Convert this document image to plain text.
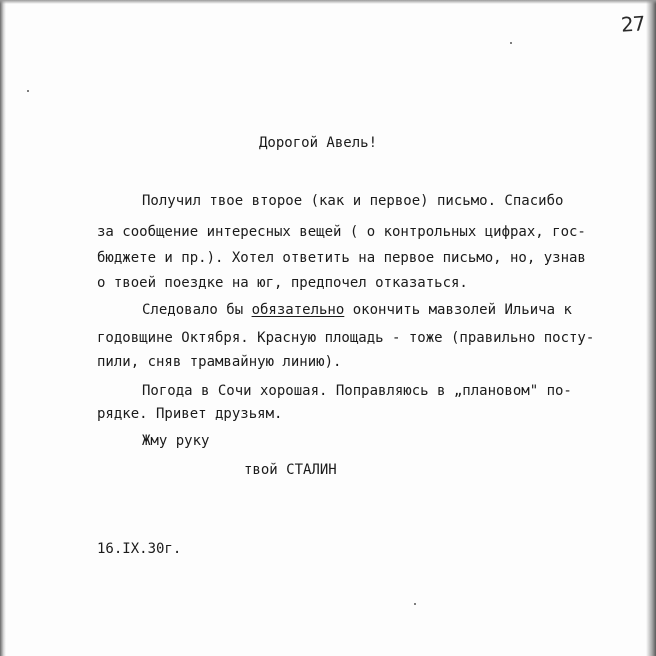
27
Дорогой Авель!
Получил твое второе (как и первое) письмо. Спасибо
за сообщение интересных вещей ( о контрольных цифрах, гос-
бюджете и пр.). Хотел ответить на первое письмо, но, узнав
о твоей поездке на юг, предпочел отказаться.
Следовало бы обязательно окончить мавзолей Ильича к
годовщине Октября. Красную площадь - тоже (правильно посту-
пили, сняв трамвайную линию).
Погода в Сочи хорошая. Поправляюсь в „плановом" по-
рядке. Привет друзьям.
Жму руку
твой СТАЛИН
16.IX.30г.
